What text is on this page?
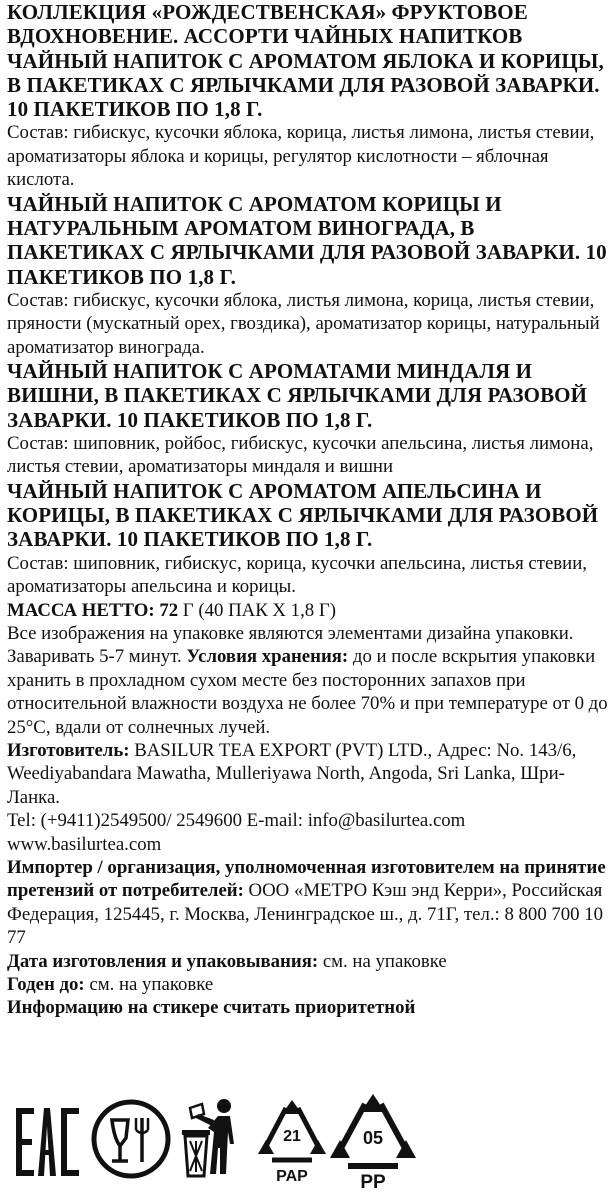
КОЛЛЕКЦИЯ «РОЖДЕСТВЕНСКАЯ» ФРУКТОВОЕ ВДОХНОВЕНИЕ. АССОРТИ ЧАЙНЫХ НАПИТКОВ ЧАЙНЫЙ НАПИТОК С АРОМАТОМ ЯБЛОКА И КОРИЦЫ, В ПАКЕТИКАХ С ЯРЛЫЧКАМИ ДЛЯ РАЗОВОЙ ЗАВАРКИ. 10 ПАКЕТИКОВ ПО 1,8 Г.

Состав: гибискус, кусочки яблока, корица, листья лимона, листья стевии, ароматизаторы яблока и корицы, регулятор кислотности – яблочная кислота.

ЧАЙНЫЙ НАПИТОК С АРОМАТОМ КОРИЦЫ И НАТУРАЛЬНЫМ АРОМАТОМ ВИНОГРАДА, В ПАКЕТИКАХ С ЯРЛЫЧКАМИ ДЛЯ РАЗОВОЙ ЗАВАРКИ. 10 ПАКЕТИКОВ ПО 1,8 Г.

Состав: гибискус, кусочки яблока, листья лимона, корица, листья стевии, пряности (мускатный орех, гвоздика), ароматизатор корицы, натуральный ароматизатор винограда.

ЧАЙНЫЙ НАПИТОК С АРОМАТАМИ МИНДАЛЯ И ВИШНИ, В ПАКЕТИКАХ С ЯРЛЫЧКАМИ ДЛЯ РАЗОВОЙ ЗАВАРКИ. 10 ПАКЕТИКОВ ПО 1,8 Г.

Состав: шиповник, ройбос, гибискус, кусочки апельсина, листья лимона, листья стевии, ароматизаторы миндаля и вишни

ЧАЙНЫЙ НАПИТОК С АРОМАТОМ АПЕЛЬСИНА И КОРИЦЫ, В ПАКЕТИКАХ С ЯРЛЫЧКАМИ ДЛЯ РАЗОВОЙ ЗАВАРКИ. 10 ПАКЕТИКОВ ПО 1,8 Г.

Состав: шиповник, гибискус, корица, кусочки апельсина, листья стевии, ароматизаторы апельсина и корицы.

МАССА НЕТТО: 72 Г (40 ПАК Х 1,8 Г)

Все изображения на упаковке являются элементами дизайна упаковки. Заваривать 5-7 минут. Условия хранения: до и после вскрытия упаковки хранить в прохладном сухом месте без посторонних запахов при относительной влажности воздуха не более 70% и при температуре от 0 до 25°С, вдали от солнечных лучей.

Изготовитель: BASILUR TEA EXPORT (PVT) LTD., Адрес: No. 143/6, Weediyabandara Mawatha, Mulleriyawa North, Angoda, Sri Lanka, Шри-Ланка.

Tel: (+9411)2549500/ 2549600 E-mail: info@basilurtea.com www.basilurtea.com

Импортер / организация, уполномоченная изготовителем на принятие претензий от потребителей: ООО «МЕТРО Кэш энд Керри», Российская Федерация, 125445, г. Москва, Ленинградское ш., д. 71Г, тел.: 8 800 700 10 77

Дата изготовления и упаковывания: см. на упаковке

Годен до: см. на упаковке

Информацию на стикере считать приоритетной

21
PAP
05
PP
